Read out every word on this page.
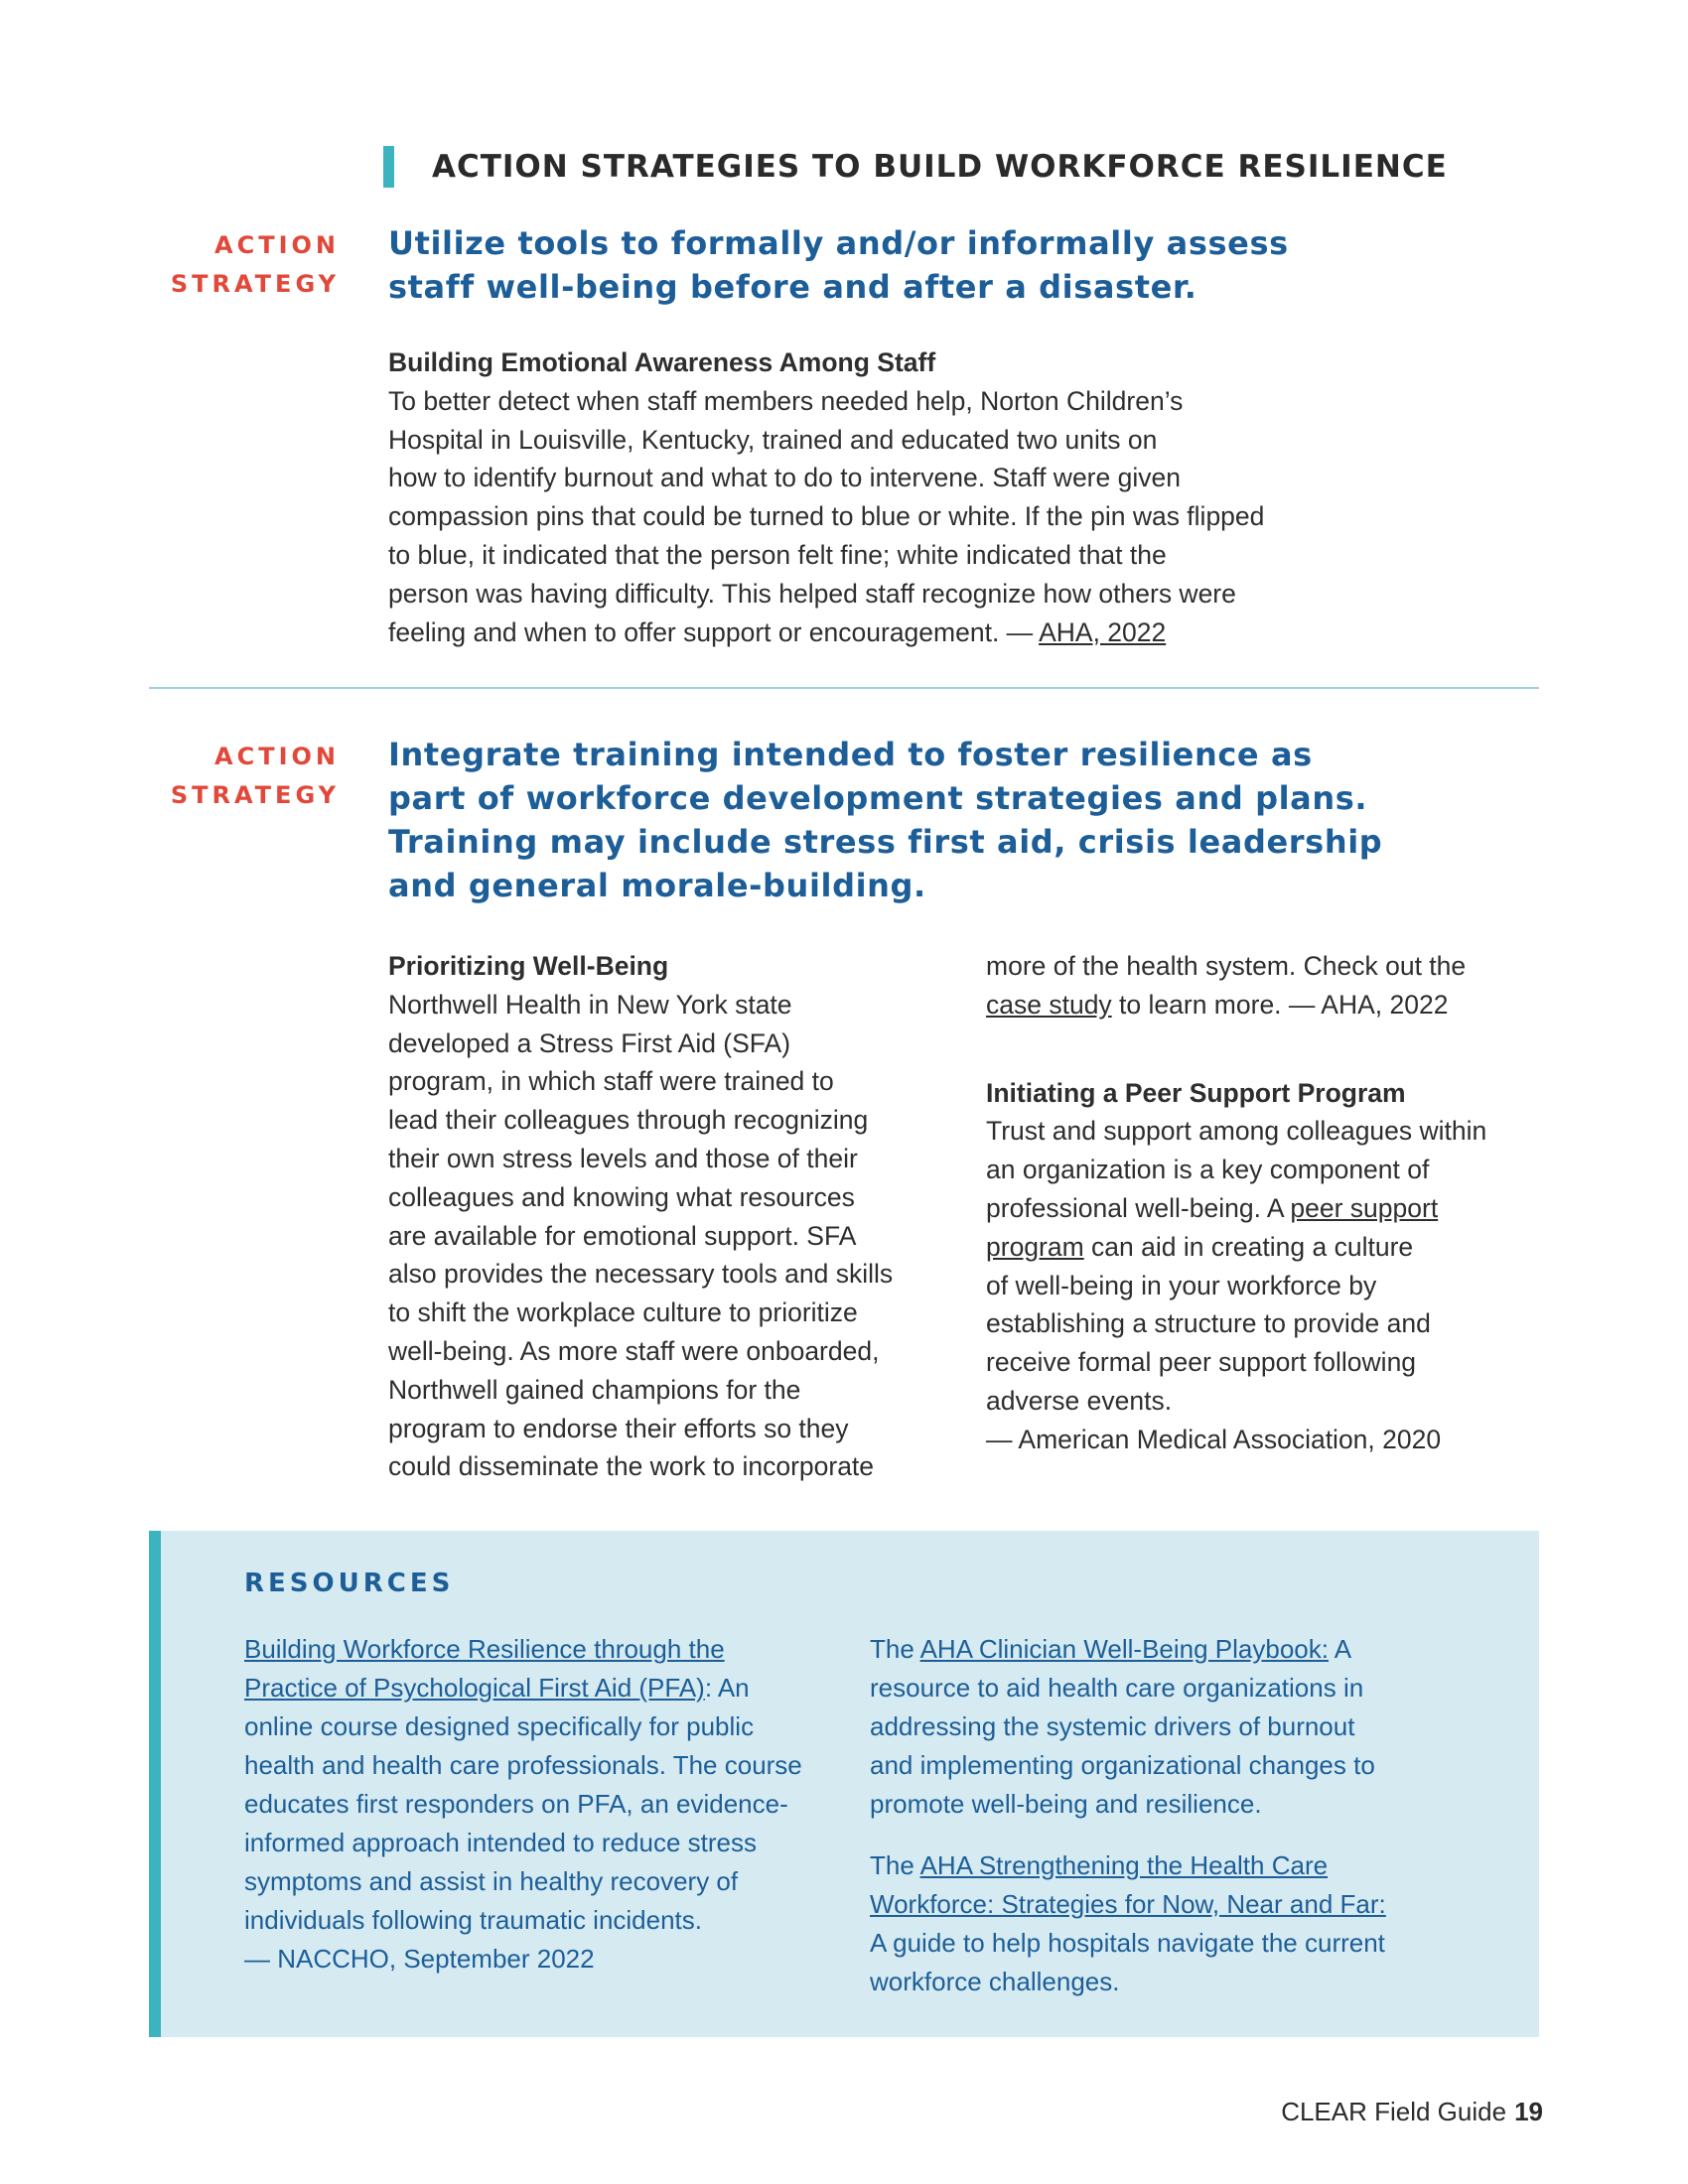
ACTION STRATEGIES TO BUILD WORKFORCE RESILIENCE
ACTION
STRATEGY
Utilize tools to formally and/or informally assess
staff well-being before and after a disaster.
Building Emotional Awareness Among Staff
To better detect when staff members needed help, Norton Children’s
Hospital in Louisville, Kentucky, trained and educated two units on
how to identify burnout and what to do to intervene. Staff were given
compassion pins that could be turned to blue or white. If the pin was flipped
to blue, it indicated that the person felt fine; white indicated that the
person was having difficulty. This helped staff recognize how others were
feeling and when to offer support or encouragement. — AHA, 2022
ACTION
STRATEGY
Integrate training intended to foster resilience as
part of workforce development strategies and plans.
Training may include stress first aid, crisis leadership
and general morale-building.
Prioritizing Well-Being
Northwell Health in New York state
developed a Stress First Aid (SFA)
program, in which staff were trained to
lead their colleagues through recognizing
their own stress levels and those of their
colleagues and knowing what resources
are available for emotional support. SFA
also provides the necessary tools and skills
to shift the workplace culture to prioritize
well-being. As more staff were onboarded,
Northwell gained champions for the
program to endorse their efforts so they
could disseminate the work to incorporate
more of the health system. Check out the
case study to learn more. — AHA, 2022
Initiating a Peer Support Program
Trust and support among colleagues within
an organization is a key component of
professional well-being. A peer support
program can aid in creating a culture
of well-being in your workforce by
establishing a structure to provide and
receive formal peer support following
adverse events.
— American Medical Association, 2020
RESOURCES
Building Workforce Resilience through the
Practice of Psychological First Aid (PFA): An
online course designed specifically for public
health and health care professionals. The course
educates first responders on PFA, an evidence-
informed approach intended to reduce stress
symptoms and assist in healthy recovery of
individuals following traumatic incidents.
— NACCHO, September 2022
The AHA Clinician Well-Being Playbook: A
resource to aid health care organizations in
addressing the systemic drivers of burnout
and implementing organizational changes to
promote well-being and resilience.
The AHA Strengthening the Health Care
Workforce: Strategies for Now, Near and Far:
A guide to help hospitals navigate the current
workforce challenges.
CLEAR Field Guide 19
